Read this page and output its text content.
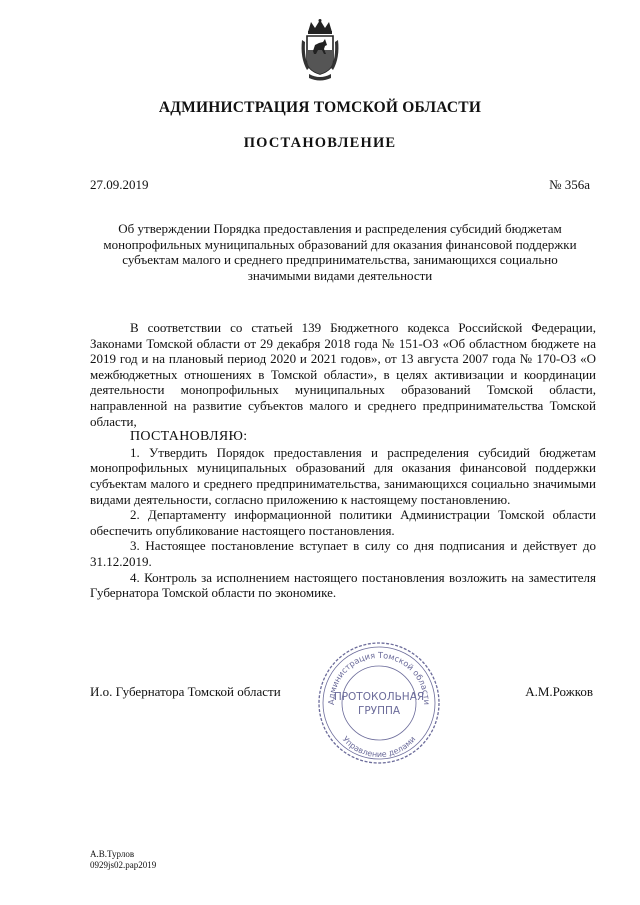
АДМИНИСТРАЦИЯ ТОМСКОЙ ОБЛАСТИ
ПОСТАНОВЛЕНИЕ
27.09.2019	№ 356а
Об утверждении Порядка предоставления и распределения субсидий бюджетам монопрофильных муниципальных образований для оказания финансовой поддержки субъектам малого и среднего предпринимательства, занимающихся социально значимыми видами деятельности

В соответствии со статьей 139 Бюджетного кодекса Российской Федерации, Законами Томской области от 29 декабря 2018 года № 151-ОЗ «Об областном бюджете на 2019 год и на плановый период 2020 и 2021 годов», от 13 августа 2007 года № 170-ОЗ «О межбюджетных отношениях в Томской области», в целях активизации и координации деятельности монопрофильных муниципальных образований Томской области, направленной на развитие субъектов малого и среднего предпринимательства Томской области,

ПОСТАНОВЛЯЮ:

1. Утвердить Порядок предоставления и распределения субсидий бюджетам монопрофильных муниципальных образований для оказания финансовой поддержки субъектам малого и среднего предпринимательства, занимающихся социально значимыми видами деятельности, согласно приложению к настоящему постановлению.

2. Департаменту информационной политики Администрации Томской области обеспечить опубликование настоящего постановления.

3. Настоящее постановление вступает в силу со дня подписания и действует до 31.12.2019.

4. Контроль за исполнением настоящего постановления возложить на заместителя Губернатора Томской области по экономике.

И.о. Губернатора Томской области	А.М.Рожков
Администрация Томской области
Управление делами
ПРОТОКОЛЬНАЯ
ГРУППА
А.В.Турлов
0929js02.pap2019
